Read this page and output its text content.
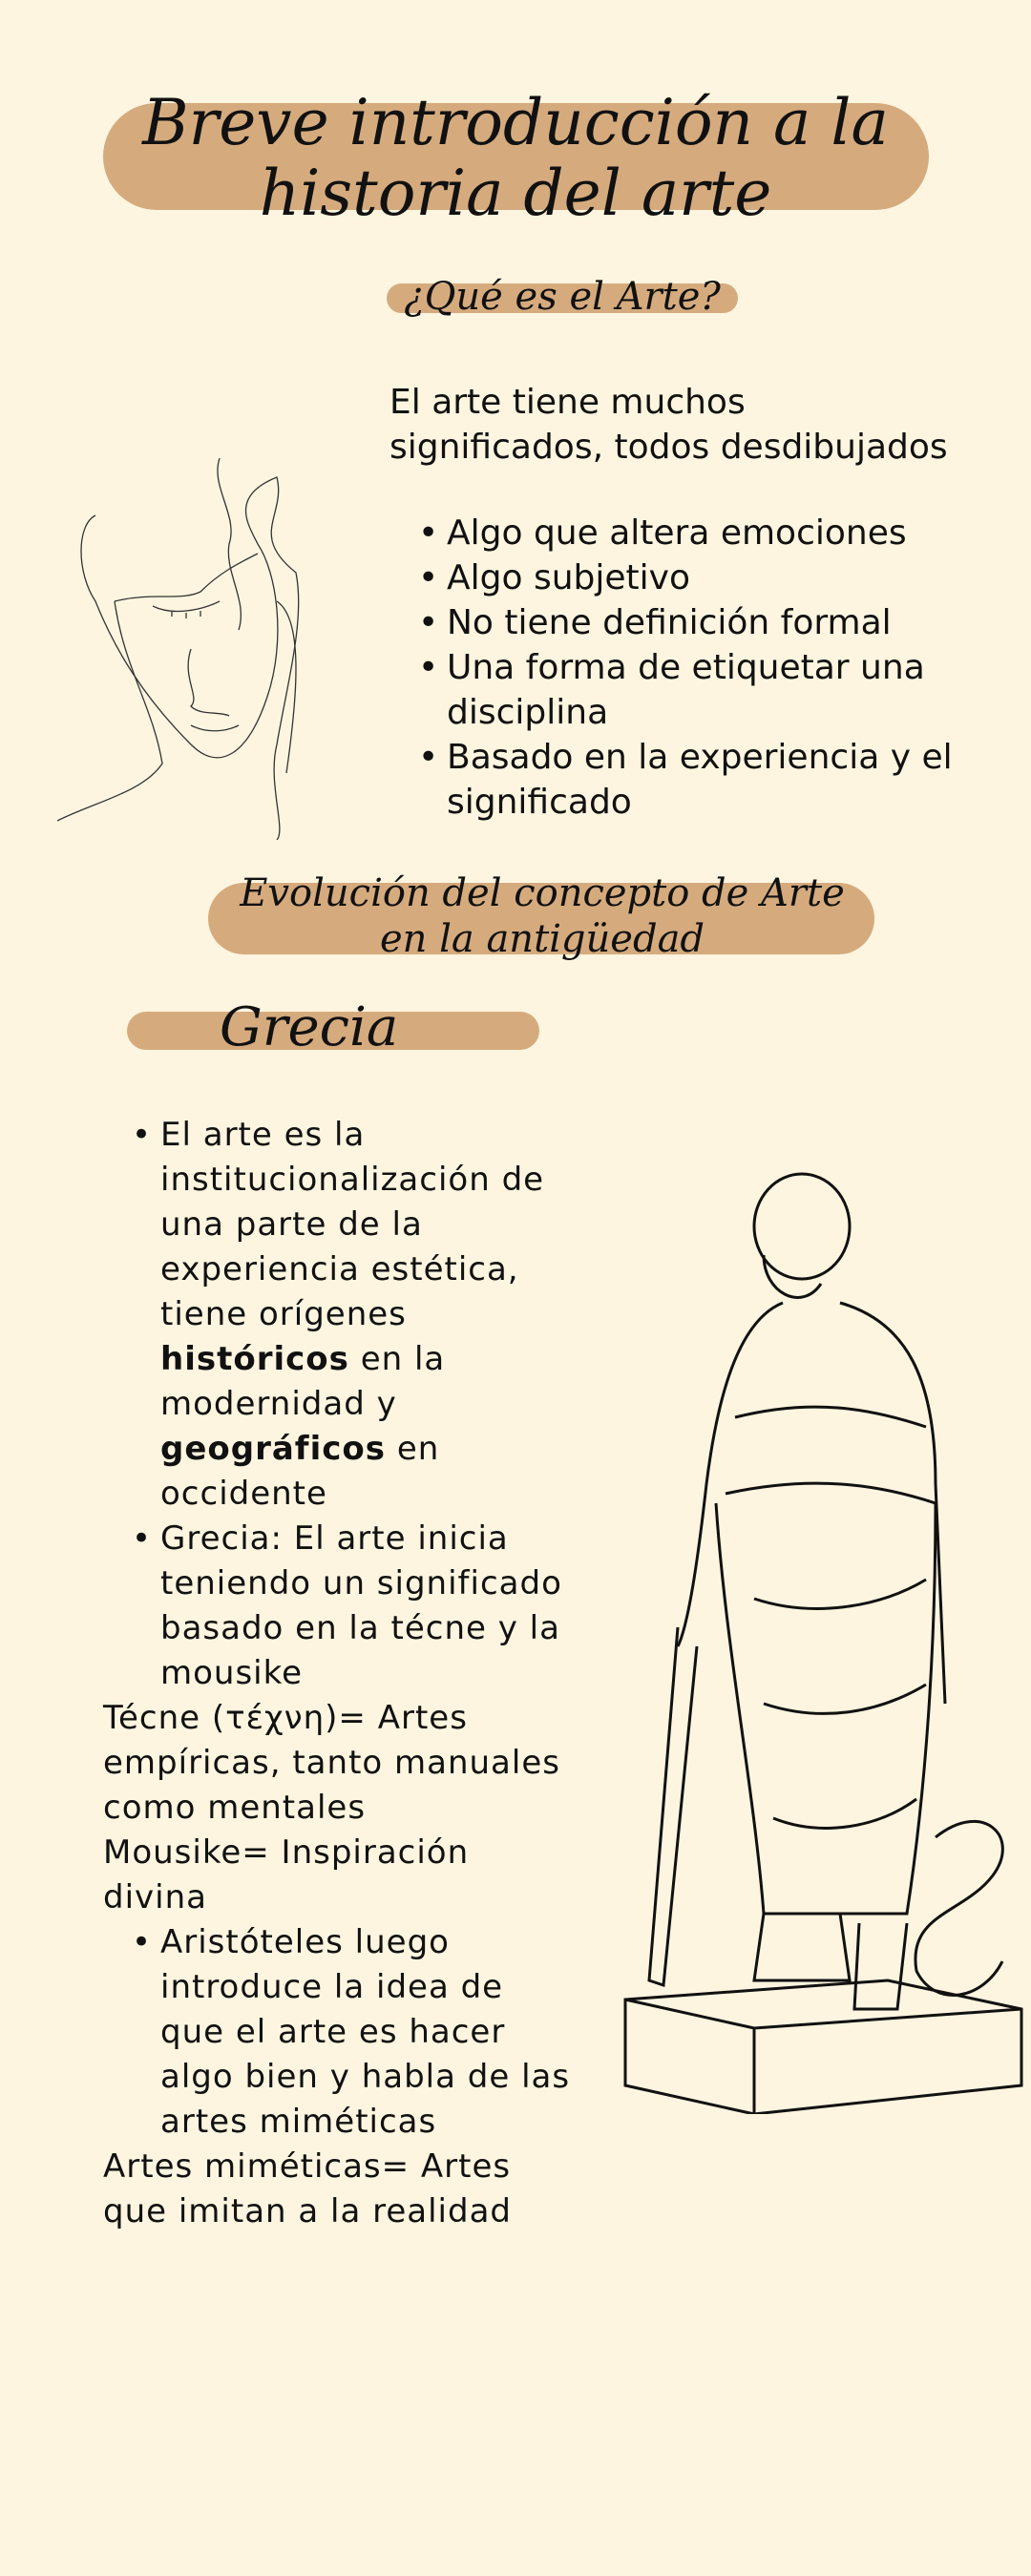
Breve introducción a la
historia del arte
¿Qué es el Arte?
El arte tiene muchos
significados, todos desdibujados
• Algo que altera emociones
• Algo subjetivo
• No tiene definición formal
• Una forma de etiquetar una disciplina
• Basado en la experiencia y el significado
Evolución del concepto de Arte
en la antigüedad
Grecia
• El arte es la institucionalización de una parte de la experiencia estética, tiene orígenes históricos en la modernidad y geográficos en occidente
• Grecia: El arte inicia teniendo un significado basado en la técne y la mousike
Técne (τέχνη)= Artes empíricas, tanto manuales como mentales
Mousike= Inspiración divina
• Aristóteles luego introduce la idea de que el arte es hacer algo bien y habla de las artes miméticas
Artes miméticas= Artes que imitan a la realidad
